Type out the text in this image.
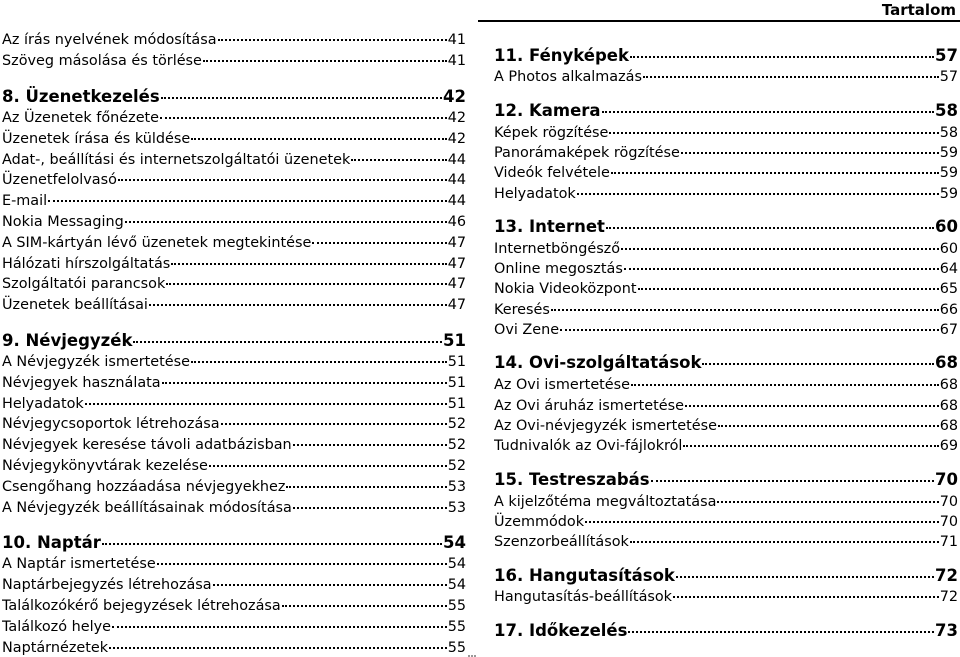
Tartalom
Az írás nyelvének módosítása	41
Szöveg másolása és törlése	41
8. Üzenetkezelés	42
Az Üzenetek főnézete	42
Üzenetek írása és küldése	42
Adat-, beállítási és internetszolgáltatói üzenetek	44
Üzenetfelolvasó	44
E-mail	44
Nokia Messaging	46
A SIM-kártyán lévő üzenetek megtekintése	47
Hálózati hírszolgáltatás	47
Szolgáltatói parancsok	47
Üzenetek beállításai	47
9. Névjegyzék	51
A Névjegyzék ismertetése	51
Névjegyek használata	51
Helyadatok	51
Névjegycsoportok létrehozása	52
Névjegyek keresése távoli adatbázisban	52
Névjegykönyvtárak kezelése	52
Csengőhang hozzáadása névjegyekhez	53
A Névjegyzék beállításainak módosítása	53
10. Naptár	54
A Naptár ismertetése	54
Naptárbejegyzés létrehozása	54
Találkozókérő bejegyzések létrehozása	55
Találkozó helye	55
Naptárnézetek	55
11. Fényképek	57
A Photos alkalmazás	57
12. Kamera	58
Képek rögzítése	58
Panorámaképek rögzítése	59
Videók felvétele	59
Helyadatok	59
13. Internet	60
Internetböngésző	60
Online megosztás	64
Nokia Videoközpont	65
Keresés	66
Ovi Zene	67
14. Ovi-szolgáltatások	68
Az Ovi ismertetése	68
Az Ovi áruház ismertetése	68
Az Ovi-névjegyzék ismertetése	68
Tudnivalók az Ovi-fájlokról	69
15. Testreszabás	70
A kijelzőtéma megváltoztatása	70
Üzemmódok	70
Szenzorbeállítások	71
16. Hangutasítások	72
Hangutasítás-beállítások	72
17. Időkezelés	73
